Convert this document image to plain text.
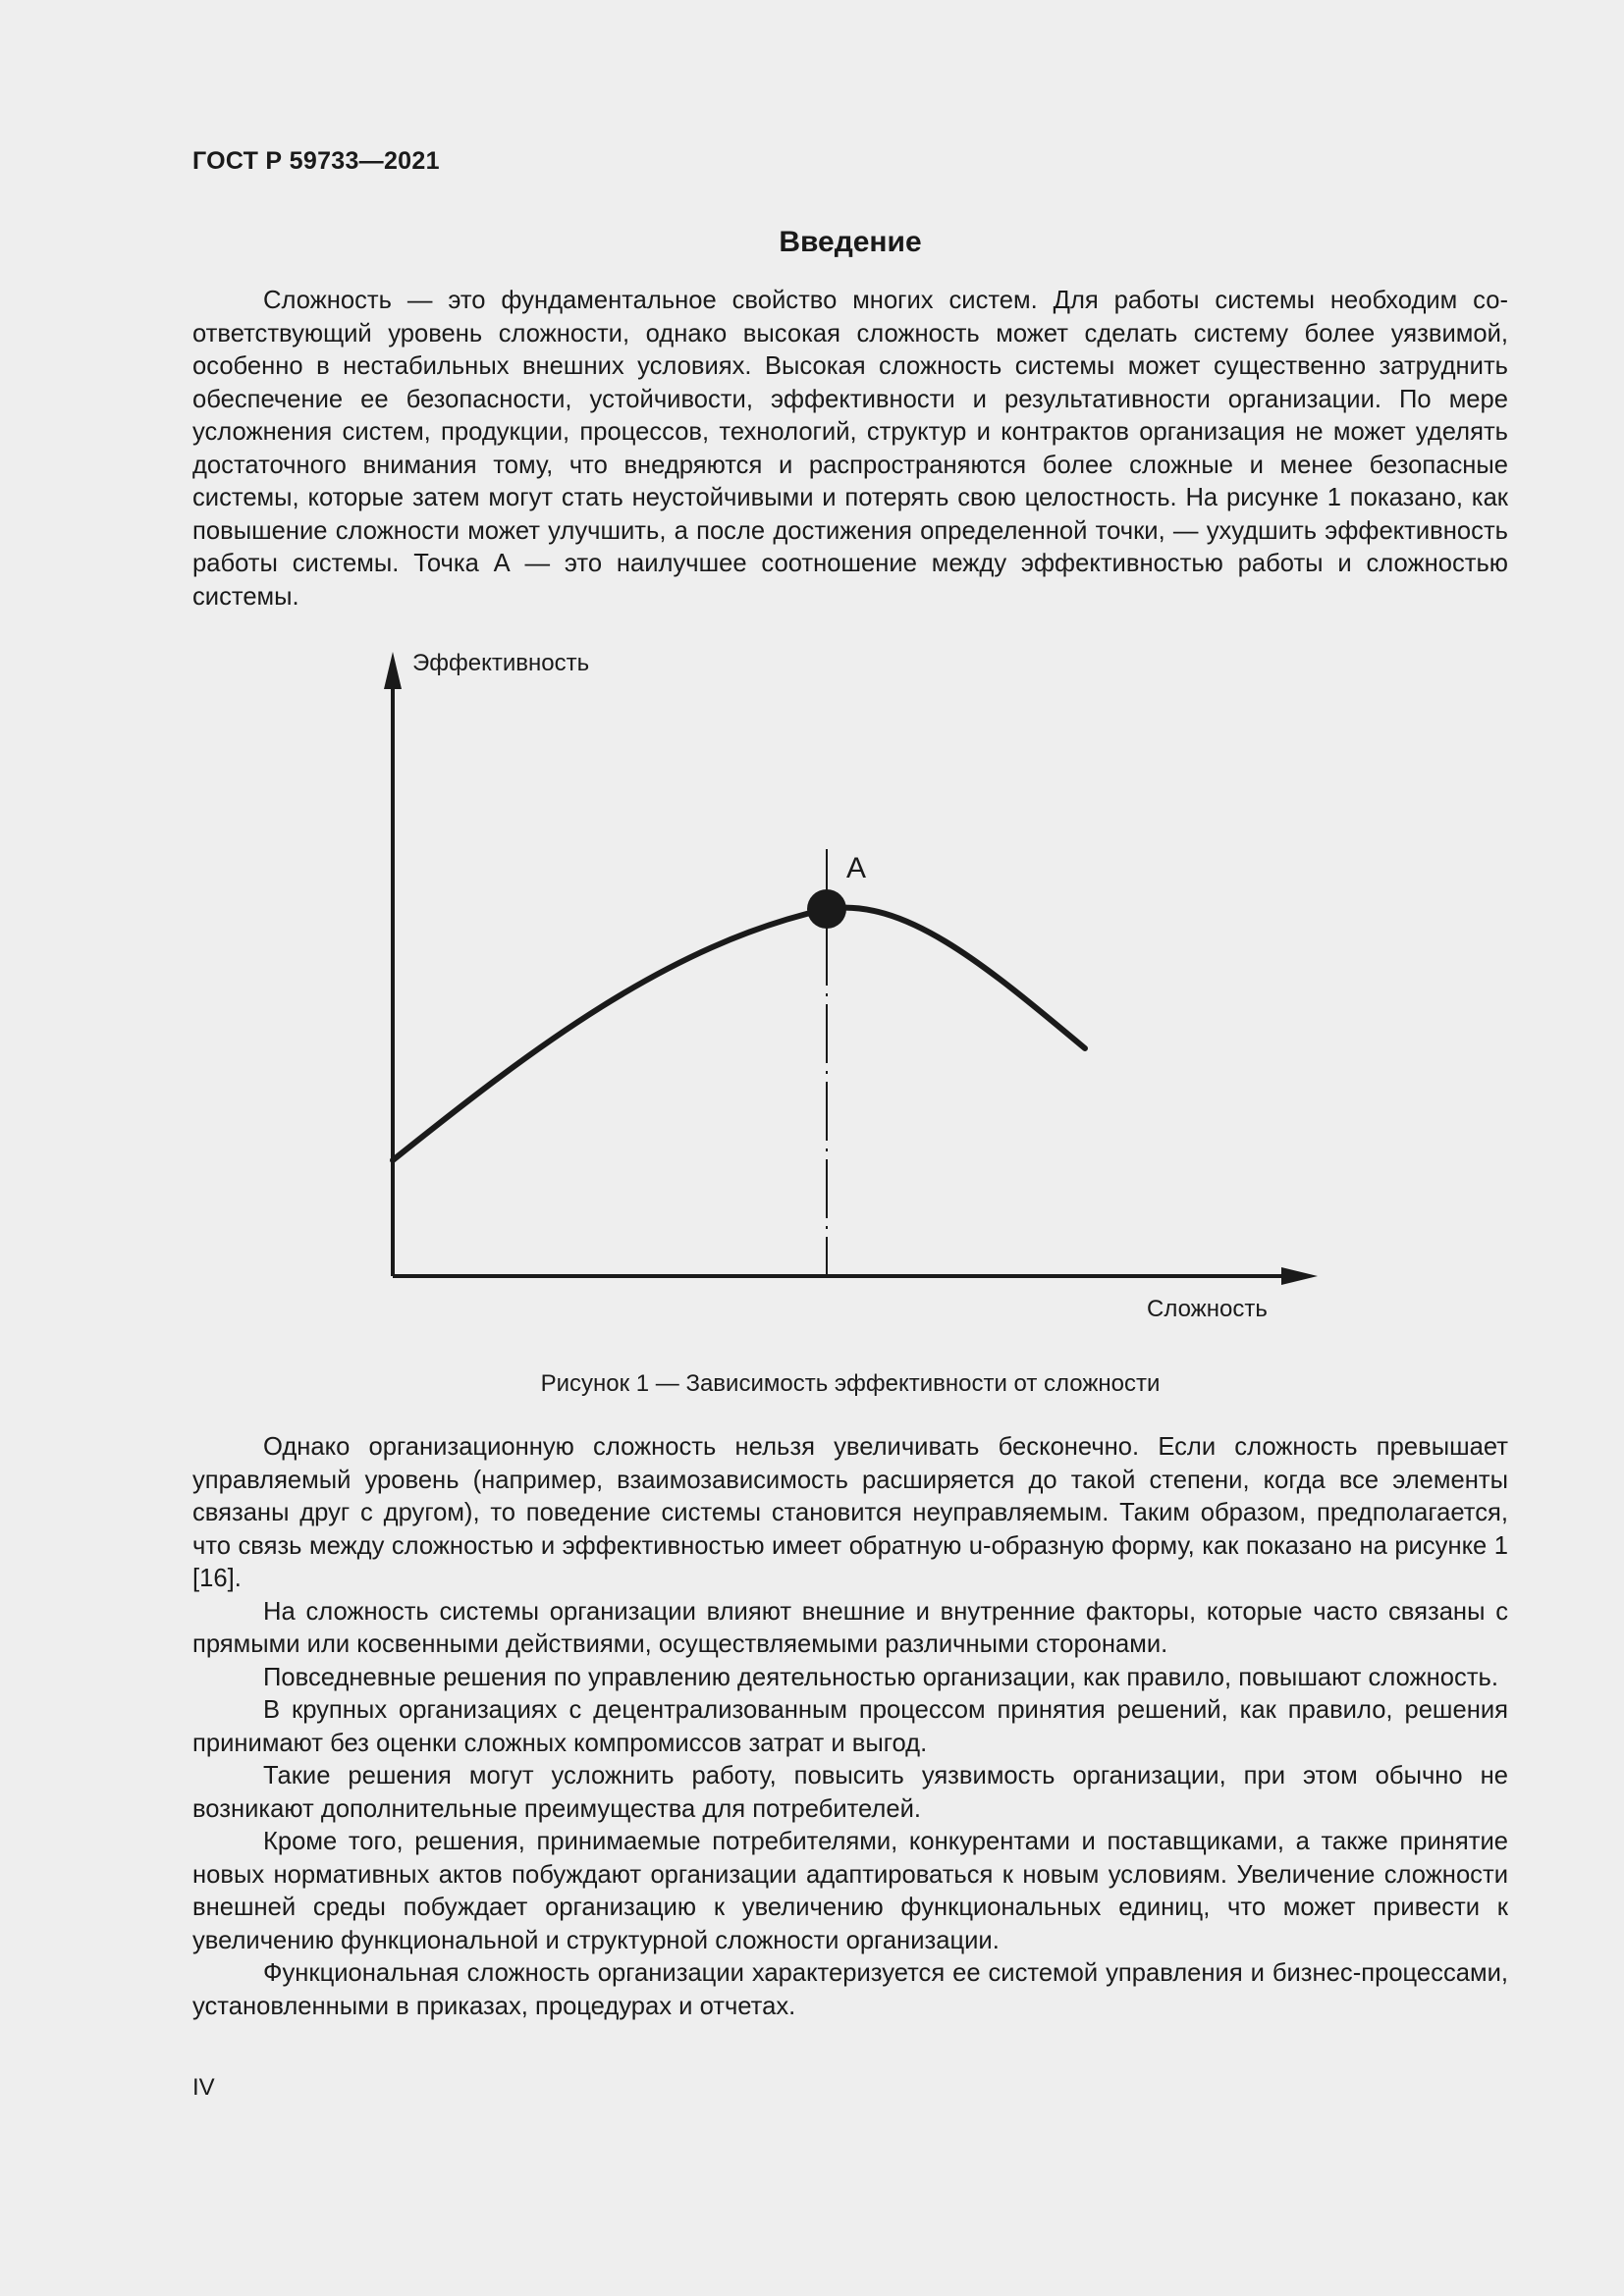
ГОСТ Р 59733—2021
Введение

Сложность — это фундаментальное свойство многих систем. Для работы системы необходим соответствующий уровень сложности, однако высокая сложность может сделать систему более уязвимой, особенно в нестабильных внешних условиях. Высокая сложность системы может существенно затруднить обеспечение ее безопасности, устойчивости, эффективности и результативности организации. По мере усложнения систем, продукции, процессов, технологий, структур и контрактов организация не может уделять достаточного внимания тому, что внедряются и распространяются более сложные и менее безопасные системы, которые затем могут стать неустойчивыми и потерять свою целостность. На рисунке 1 показано, как повышение сложности может улучшить, а после достижения определенной точки, — ухудшить эффективность работы системы. Точка А — это наилучшее соотношение между эффективностью работы и сложностью системы.

Эффективность
Сложность
А
Рисунок 1 — Зависимость эффективности от сложности

Однако организационную сложность нельзя увеличивать бесконечно. Если сложность превышает управляемый уровень (например, взаимозависимость расширяется до такой степени, когда все элементы связаны друг с другом), то поведение системы становится неуправляемым. Таким образом, предполагается, что связь между сложностью и эффективностью имеет обратную u-образную форму, как показано на рисунке 1 [16].

На сложность системы организации влияют внешние и внутренние факторы, которые часто связаны с прямыми или косвенными действиями, осуществляемыми различными сторонами.

Повседневные решения по управлению деятельностью организации, как правило, повышают сложность.

В крупных организациях с децентрализованным процессом принятия решений, как правило, решения принимают без оценки сложных компромиссов затрат и выгод.

Такие решения могут усложнить работу, повысить уязвимость организации, при этом обычно не возникают дополнительные преимущества для потребителей.

Кроме того, решения, принимаемые потребителями, конкурентами и поставщиками, а также принятие новых нормативных актов побуждают организации адаптироваться к новым условиям. Увеличение сложности внешней среды побуждает организацию к увеличению функциональных единиц, что может привести к увеличению функциональной и структурной сложности организации.

Функциональная сложность организации характеризуется ее системой управления и бизнес-процессами, установленными в приказах, процедурах и отчетах.

IV
